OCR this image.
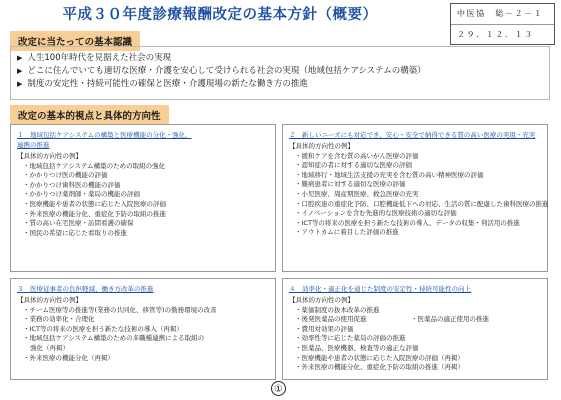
平成３０年度診療報酬改定の基本方針（概要）	中医協　総－２－１
２９．１２．１３
改定に当たっての基本認識
▶ 人生100年時代を見据えた社会の実現
▶ どこに住んでいても適切な医療・介護を安心して受けられる社会の実現（地域包括ケアシステムの構築）
▶ 制度の安定性・持続可能性の確保と医療・介護現場の新たな働き方の推進
改定の基本的視点と具体的方向性
１　地域包括ケアシステムの構築と医療機能の分化・強化、
連携の推進
【具体的方向性の例】
・地域包括ケアシステム構築のための取組の強化
・かかりつけ医の機能の評価
・かかりつけ歯科医の機能の評価
・かかりつけ薬剤師・薬局の機能の評価
・医療機能や患者の状態に応じた入院医療の評価
・外来医療の機能分化、重症化予防の取組の推進
・質の高い在宅医療・訪問看護の確保
・国民の希望に応じた看取りの推進
２　新しいニーズにも対応でき、安心・安全で納得できる質の高い医療の実現・充実
【具体的方向性の例】
・緩和ケアを含む質の高いがん医療の評価
・認知症の者に対する適切な医療の評価
・地域移行・地域生活支援の充実を含む質の高い精神医療の評価
・難病患者に対する適切な医療の評価
・小児医療、周産期医療、救急医療の充実
・口腔疾患の重症化予防、口腔機能低下への対応、生活の質に配慮した歯科医療の推進
・イノベーションを含む先進的な医療技術の適切な評価
・ICT等の将来の医療を担う新たな技術の導入、データの収集・利活用の推進
・アウトカムに着目した評価の推進
３　医療従事者の負担軽減、働き方改革の推進
【具体的方向性の例】
・チーム医療等の推進等(業務の共同化、移管等)の勤務環境の改善
・業務の効率化・合理化
・ICT等の将来の医療を担う新たな技術の導入（再掲）
・地域包括ケアシステム構築のための多職種連携による取組の
強化（再掲）
・外来医療の機能分化（再掲）
４　効率化・適正化を通じた制度の安定性・持続可能性の向上
【具体的方向性の例】
・薬価制度の抜本改革の推進
・後発医薬品の使用促進	・医薬品の適正使用の推進
・費用対効果の評価
・効率性等に応じた薬局の評価の推進
・医薬品、医療機器、検査等の適正な評価
・医療機能や患者の状態に応じた入院医療の評価（再掲）
・外来医療の機能分化、重症化予防の取組の推進（再掲）
①
